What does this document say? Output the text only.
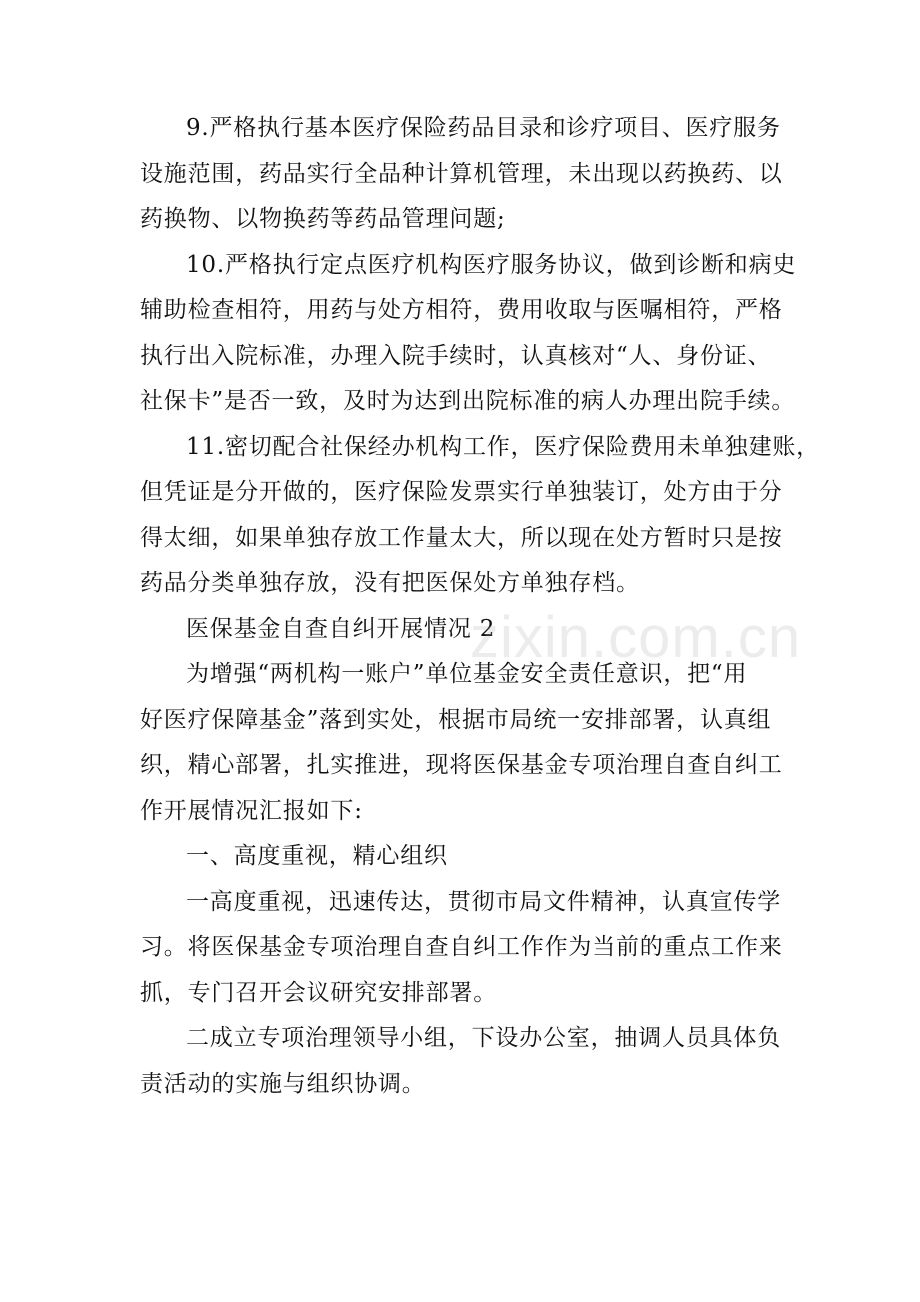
9.严格执行基本医疗保险药品目录和诊疗项目、医疗服务
设施范围，药品实行全品种计算机管理，未出现以药换药、以
药换物、以物换药等药品管理问题;

10.严格执行定点医疗机构医疗服务协议，做到诊断和病史
辅助检查相符，用药与处方相符，费用收取与医嘱相符，严格
执行出入院标准，办理入院手续时，认真核对“人、身份证、
社保卡”是否一致，及时为达到出院标准的病人办理出院手续。

11.密切配合社保经办机构工作，医疗保险费用未单独建账，
但凭证是分开做的，医疗保险发票实行单独装订，处方由于分
得太细，如果单独存放工作量太大，所以现在处方暂时只是按
药品分类单独存放，没有把医保处方单独存档。

医保基金自查自纠开展情况 2

为增强“两机构一账户”单位基金安全责任意识，把“用
好医疗保障基金”落到实处，根据市局统一安排部署，认真组
织，精心部署，扎实推进，现将医保基金专项治理自查自纠工
作开展情况汇报如下:

一、高度重视，精心组织

一高度重视，迅速传达，贯彻市局文件精神，认真宣传学
习。将医保基金专项治理自查自纠工作作为当前的重点工作来
抓，专门召开会议研究安排部署。

二成立专项治理领导小组，下设办公室，抽调人员具体负
责活动的实施与组织协调。

zixin.com.cn
